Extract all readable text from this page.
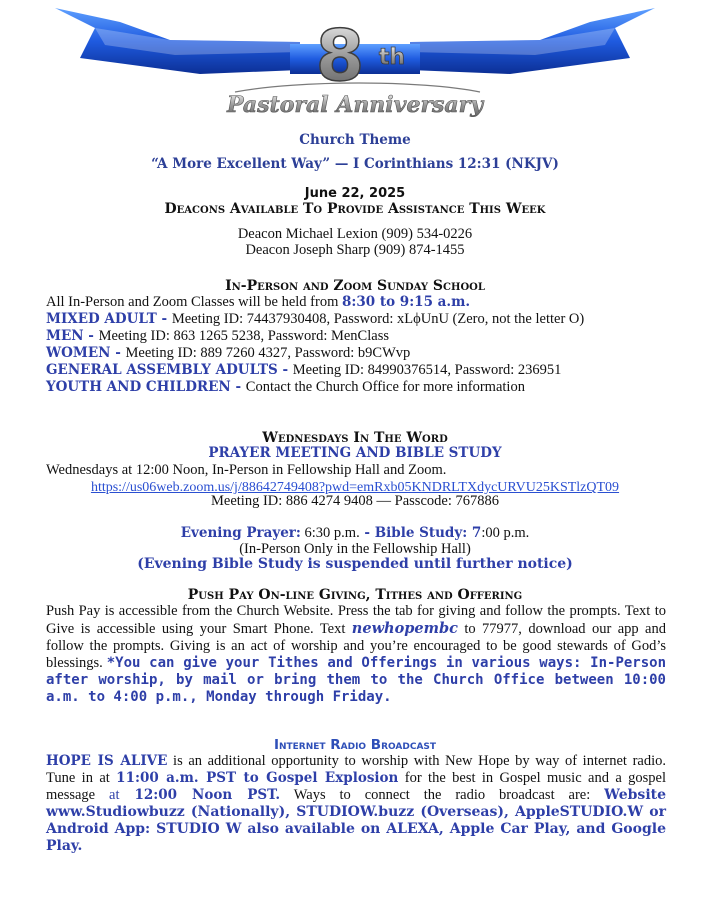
8 th
Pastoral Anniversary
Church Theme
“A More Excellent Way” — I Corinthians 12:31 (NKJV)
June 22, 2025
Deacons Available To Provide Assistance This Week
Deacon Michael Lexion (909) 534-0226
Deacon Joseph Sharp (909) 874-1455
In-Person and Zoom Sunday School
All In-Person and Zoom Classes will be held from 8:30 to 9:15 a.m.
MIXED ADULT - Meeting ID: 74437930408, Password: xLϕUnU (Zero, not the letter O)
MEN - Meeting ID: 863 1265 5238, Password: MenClass
WOMEN - Meeting ID: 889 7260 4327, Password: b9CWvp
GENERAL ASSEMBLY ADULTS - Meeting ID: 84990376514, Password: 236951
YOUTH AND CHILDREN - Contact the Church Office for more information
Wednesdays In The Word
PRAYER MEETING AND BIBLE STUDY
Wednesdays at 12:00 Noon, In-Person in Fellowship Hall and Zoom.
https://us06web.zoom.us/j/88642749408?pwd=emRxb05KNDRLTXdycURVU25KSTlzQT09
Meeting ID: 886 4274 9408 — Passcode: 767886
Evening Prayer: 6:30 p.m. - Bible Study: 7:00 p.m.
(In-Person Only in the Fellowship Hall)
(Evening Bible Study is suspended until further notice)
Push Pay On-line Giving, Tithes and Offering
Push Pay is accessible from the Church Website. Press the tab for giving and follow the prompts. Text to Give is accessible using your Smart Phone. Text newhopembc to 77977, download our app and follow the prompts. Giving is an act of worship and you’re encouraged to be good stewards of God’s blessings. *You can give your Tithes and Offerings in various ways: In-Person after worship, by mail or bring them to the Church Office between 10:00 a.m. to 4:00 p.m., Monday through Friday.
Internet Radio Broadcast
HOPE IS ALIVE is an additional opportunity to worship with New Hope by way of internet radio. Tune in at 11:00 a.m. PST to Gospel Explosion for the best in Gospel music and a gospel message at 12:00 Noon PST. Ways to connect the radio broadcast are: Website www.Studiowbuzz (Nationally), STUDIOW.buzz (Overseas), AppleSTUDIO.W or Android App: STUDIO W also available on ALEXA, Apple Car Play, and Google Play.
